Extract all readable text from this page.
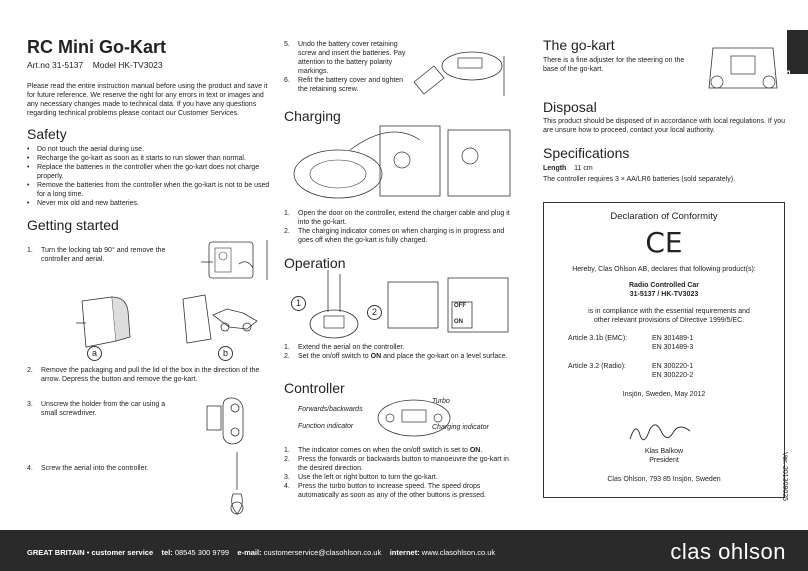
RC Mini Go-Kart

Art.no 31-5137 Model HK-TV3023

Please read the entire instruction manual before using the product and save it for future reference. We reserve the right for any errors in text or images and any necessary changes made to technical data. If you have any questions regarding technical problems please contact our Customer Services.

Safety
• Do not touch the aerial during use.
• Recharge the go-kart as soon as it starts to run slower than normal.
• Replace the batteries in the controller when the go-kart does not charge properly.
• Remove the batteries from the controller when the go-kart is not to be used for a long time.
• Never mix old and new batteries.
Getting started
1. Turn the locking tab 90° and remove the controller and aerial.
a	b
2. Remove the packaging and pull the lid of the box in the direction of the arrow. Depress the button and remove the go-kart.
3. Unscrew the holder from the car using a small screwdriver.
4. Screw the aerial into the controller.
5. Undo the battery cover retaining screw and insert the batteries. Pay attention to the battery polarity markings.
6. Refit the battery cover and tighten the retaining screw.
Charging
1. Open the door on the controller, extend the charger cable and plug it into the go-kart.
2. The charging indicator comes on when charging is in progress and goes off when the go-kart is fully charged.
Operation
1
2
OFF
ON
1. Extend the aerial on the controller.
2. Set the on/off switch to ON and place the go-kart on a level surface.
Controller
Forwards/backwards
Turbo
Function indicator	Charging indicator
1. The indicator comes on when the on/off switch is set to ON.
2. Press the forwards or backwards button to manoeuvre the go-kart in the desired direction.
3. Use the left or right button to turn the go-kart.
4. Press the turbo button to increase speed. The speed drops automatically as soon as any of the other buttons is pressed.
The go-kart

There is a fine adjuster for the steering on the base of the go-kart.

Disposal

This product should be disposed of in accordance with local regulations. If you are unsure how to proceed, contact your local authority.

Specifications

Length 11 cm

The controller requires 3 × AA/LR6 batteries (sold separately).

Declaration of Conformity
CE
Hereby, Clas Ohlson AB, declares that following product(s):
Radio Controlled Car
31-5137 / HK-TV3023
is in compliance with the essential requirements and other relevant provisions of Directive 1999/5/EC.
Article 3.1b (EMC):	EN 301489-1
EN 301489-3
Article 3.2 (Radio):	EN 300220-1
EN 300220-2
Insjön, Sweden, May 2012
Klas Balkow
President
Clas Ohlson, 793 85 Insjön, Sweden
English
Ver. 201309025
GREAT BRITAIN • customer service tel: 08545 300 9799 e-mail: customerservice@clasohlson.co.uk internet: www.clasohlson.co.uk	clas ohlson
